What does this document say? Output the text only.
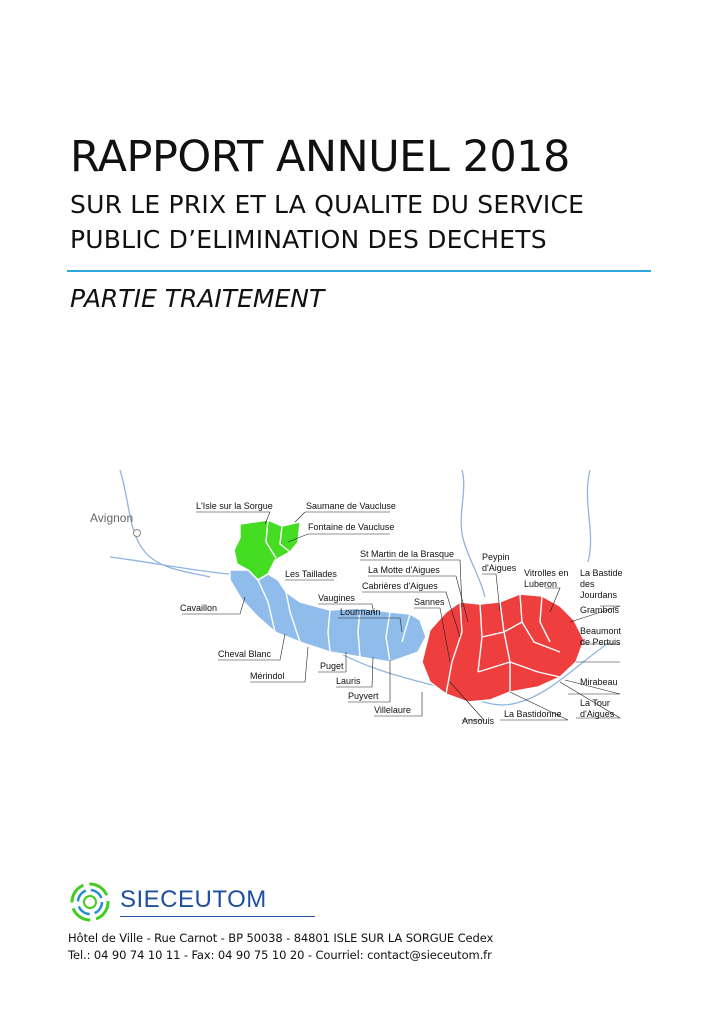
RAPPORT ANNUEL 2018
SUR LE PRIX ET LA QUALITE DU SERVICE
PUBLIC D’ELIMINATION DES DECHETS
PARTIE TRAITEMENT
Avignon
L'Isle sur la Sorgue	Saumane de Vaucluse
Fontaine de Vaucluse
Les Taillades
Cavaillon
Cheval Blanc
Mérindol
Puget
Lauris
Puyvert
Villelaure
Vaugines
Lourmarin
St Martin de la Brasque
La Motte d'Aigues
Cabrières d'Aigues
Sannes
Peypin
d'Aigues Vitrolles en
Luberon
La Bastide
des
Jourdans
Grambois
Beaumont
de Pertuis
Mirabeau
La Tour
d'Aigues
La Bastidonne
Ansouis
SIECEUTOM
Hôtel de Ville - Rue Carnot - BP 50038 - 84801 ISLE SUR LA SORGUE Cedex
Tel.: 04 90 74 10 11 - Fax: 04 90 75 10 20 - Courriel: contact@sieceutom.fr
